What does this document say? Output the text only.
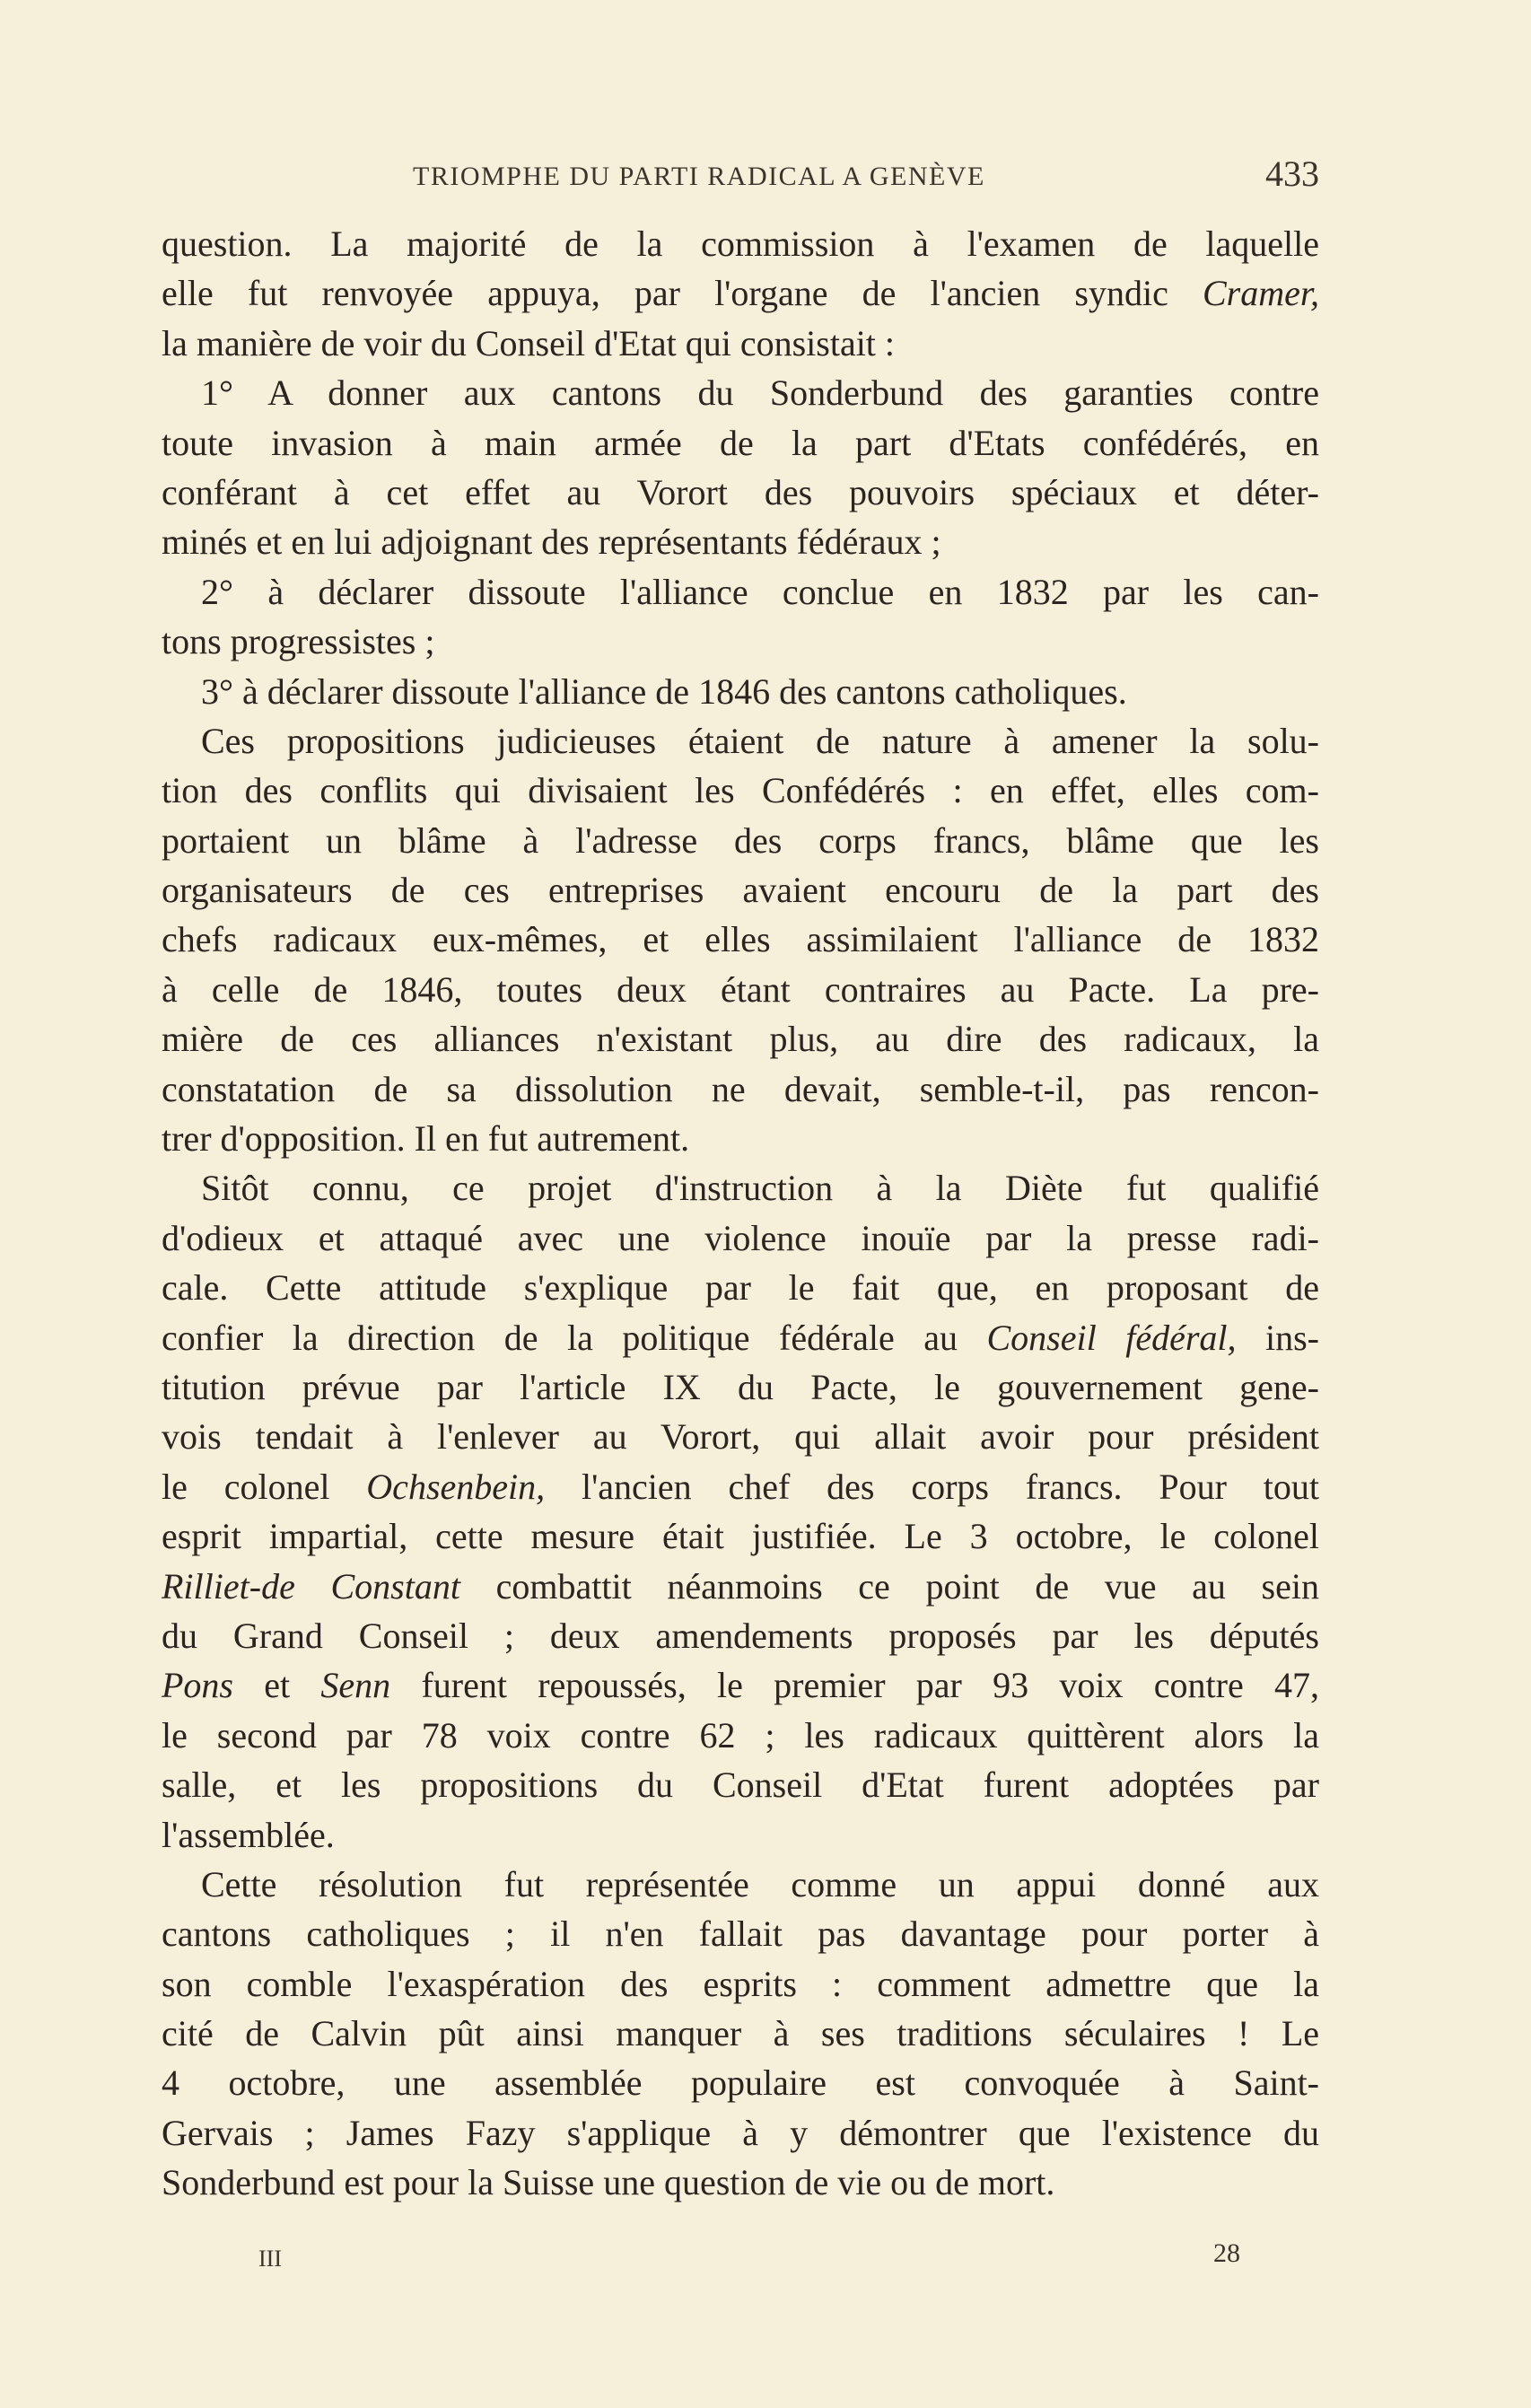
TRIOMPHE DU PARTI RADICAL A GENÈVE	433
question. La majorité de la commission à l'examen de laquelle
elle fut renvoyée appuya, par l'organe de l'ancien syndic Cramer,
la manière de voir du Conseil d'Etat qui consistait :
1° A donner aux cantons du Sonderbund des garanties contre
toute invasion à main armée de la part d'Etats confédérés, en
conférant à cet effet au Vorort des pouvoirs spéciaux et déter-
minés et en lui adjoignant des représentants fédéraux ;
2° à déclarer dissoute l'alliance conclue en 1832 par les can-
tons progressistes ;
3° à déclarer dissoute l'alliance de 1846 des cantons catholiques.
Ces propositions judicieuses étaient de nature à amener la solu-
tion des conflits qui divisaient les Confédérés : en effet, elles com-
portaient un blâme à l'adresse des corps francs, blâme que les
organisateurs de ces entreprises avaient encouru de la part des
chefs radicaux eux-mêmes, et elles assimilaient l'alliance de 1832
à celle de 1846, toutes deux étant contraires au Pacte. La pre-
mière de ces alliances n'existant plus, au dire des radicaux, la
constatation de sa dissolution ne devait, semble-t-il, pas rencon-
trer d'opposition. Il en fut autrement.
Sitôt connu, ce projet d'instruction à la Diète fut qualifié
d'odieux et attaqué avec une violence inouïe par la presse radi-
cale. Cette attitude s'explique par le fait que, en proposant de
confier la direction de la politique fédérale au Conseil fédéral, ins-
titution prévue par l'article IX du Pacte, le gouvernement gene-
vois tendait à l'enlever au Vorort, qui allait avoir pour président
le colonel Ochsenbein, l'ancien chef des corps francs. Pour tout
esprit impartial, cette mesure était justifiée. Le 3 octobre, le colonel
Rilliet-de Constant combattit néanmoins ce point de vue au sein
du Grand Conseil ; deux amendements proposés par les députés
Pons et Senn furent repoussés, le premier par 93 voix contre 47,
le second par 78 voix contre 62 ; les radicaux quittèrent alors la
salle, et les propositions du Conseil d'Etat furent adoptées par
l'assemblée.
Cette résolution fut représentée comme un appui donné aux
cantons catholiques ; il n'en fallait pas davantage pour porter à
son comble l'exaspération des esprits : comment admettre que la
cité de Calvin pût ainsi manquer à ses traditions séculaires ! Le
4 octobre, une assemblée populaire est convoquée à Saint-
Gervais ; James Fazy s'applique à y démontrer que l'existence du
Sonderbund est pour la Suisse une question de vie ou de mort.
III	28
